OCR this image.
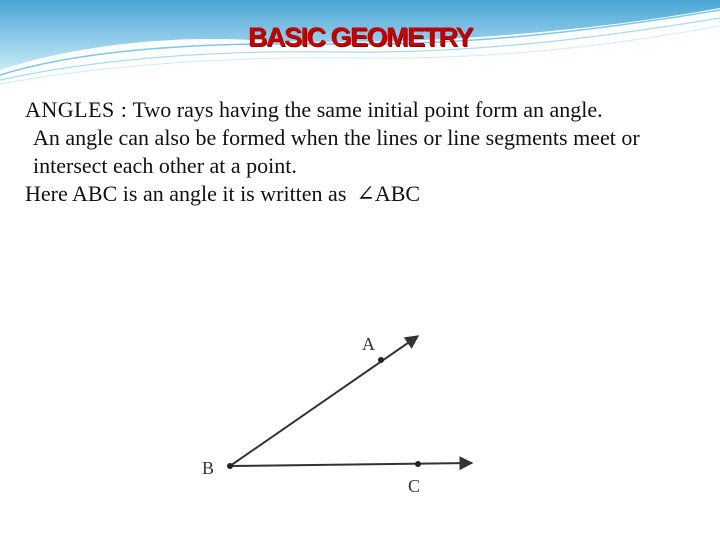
BASIC GEOMETRY

ANGLES : Two rays having the same initial point form an angle.

An angle can also be formed when the lines or line segments meet or intersect each other at a point.

Here ABC is an angle it is written as ∠ABC

A
B
C
